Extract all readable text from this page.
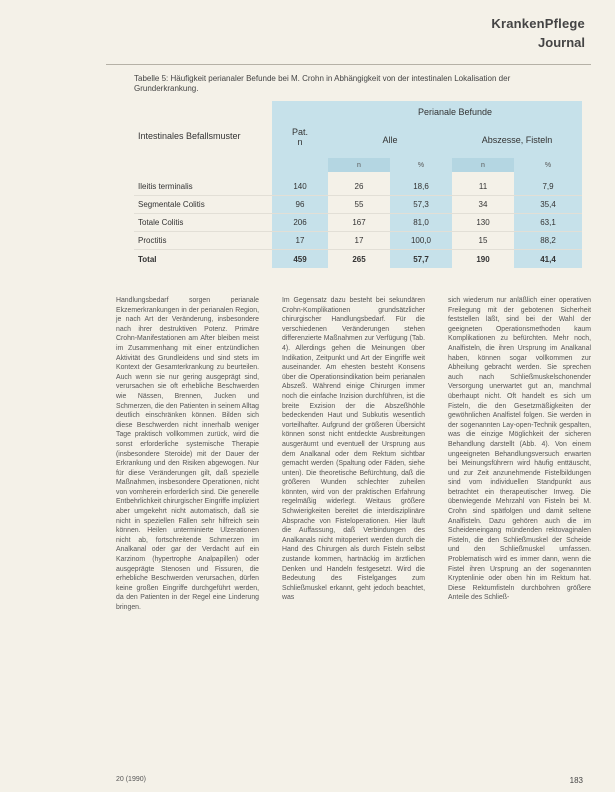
KrankenPflege
Journal
Tabelle 5: Häufigkeit perianaler Befunde bei M. Crohn in Abhängigkeit von der intestinalen Lokalisation der Grunderkrankung.
Intestinales Befallsmuster	Pat.
n	Perianale Befunde			
		Alle		Abszesse, Fisteln	
		n	%	n	%

Ileitis terminalis	140	26	18,6	11	7,9
Segmentale Colitis	96	55	57,3	34	35,4
Totale Colitis	206	167	81,0	130	63,1
Proctitis	17	17	100,0	15	88,2
Total	459	265	57,7	190	41,4
Handlungsbedarf sorgen perianale Ekzemerkrankungen in der perianalen Region, je nach Art der Veränderung, insbesondere nach ihrer destruktiven Potenz. Primäre Crohn-Manifestationen am After bleiben meist im Zusammenhang mit einer entzündlichen Aktivität des Grundleidens und sind stets im Kontext der Gesamterkrankung zu beurteilen. Auch wenn sie nur gering ausgeprägt sind, verursachen sie oft erhebliche Beschwerden wie Nässen, Brennen, Jucken und Schmerzen, die den Patienten in seinem Alltag deutlich einschränken können. Bilden sich diese Beschwerden nicht innerhalb weniger Tage praktisch vollkommen zurück, wird die sonst erforderliche systemische Therapie (insbesondere Steroide) mit der Dauer der Erkrankung und den Risiken abgewogen. Nur für diese Veränderungen gilt, daß spezielle Maßnahmen, insbesondere Operationen, nicht von vornherein erforderlich sind. Die generelle Entbehrlichkeit chirurgischer Eingriffe impliziert aber umgekehrt nicht automatisch, daß sie nicht in speziellen Fällen sehr hilfreich sein können. Heilen unterminierte Ulzerationen nicht ab, fortschreitende Schmerzen im Analkanal oder gar der Verdacht auf ein Karzinom (hypertrophe Analpapillen) oder ausgeprägte Stenosen und Fissuren, die erhebliche Beschwerden verursachen, dürfen keine großen Eingriffe durchgeführt werden, da den Patienten in der Regel eine Linderung bringen.
Im Gegensatz dazu besteht bei sekundären Crohn-Komplikationen grundsätzlicher chirurgischer Handlungsbedarf. Für die verschiedenen Veränderungen stehen differenzierte Maßnahmen zur Verfügung (Tab. 4). Allerdings gehen die Meinungen über Indikation, Zeitpunkt und Art der Eingriffe weit auseinander. Am ehesten besteht Konsens über die Operationsindikation beim perianalen Abszeß. Während einige Chirurgen immer noch die einfache Inzision durchführen, ist die breite Exzision der die Abszeßhöhle bedeckenden Haut und Subkutis wesentlich vorteilhafter. Aufgrund der größeren Übersicht können sonst nicht entdeckte Ausbreitungen ausgeräumt und eventuell der Ursprung aus dem Analkanal oder dem Rektum sichtbar gemacht werden (Spaltung oder Fäden, siehe unten). Die theoretische Befürchtung, daß die größeren Wunden schlechter zuheilen könnten, wird von der praktischen Erfahrung regelmäßig widerlegt. Weitaus größere Schwierigkeiten bereitet die interdisziplinäre Absprache von Fisteloperationen. Hier läuft die Auffassung, daß Verbindungen des Analkanals nicht mitoperiert werden durch die Hand des Chirurgen als durch Fisteln selbst zustande kommen, hartnäckig im ärztlichen Denken und Handeln festgesetzt. Wird die Bedeutung des Fistelganges zum Schließmuskel erkannt, geht jedoch beachtet, was
sich wiederum nur anläßlich einer operativen Freilegung mit der gebotenen Sicherheit feststellen läßt, sind bei der Wahl der geeigneten Operationsmethoden kaum Komplikationen zu befürchten. Mehr noch, Analfisteln, die ihren Ursprung im Analkanal haben, können sogar vollkommen zur Abheilung gebracht werden. Sie sprechen auch nach Schließmuskelschonender Versorgung unerwartet gut an, manchmal überhaupt nicht. Oft handelt es sich um Fisteln, die den Gesetzmäßigkeiten der gewöhnlichen Analfistel folgen. Sie werden in der sogenannten Lay-open-Technik gespalten, was die einzige Möglichkeit der sicheren Behandlung darstellt (Abb. 4). Von einem ungeeigneten Behandlungsversuch erwarten bei Meinungsführern wird häufig enttäuscht, und zur Zeit anzunehmende Fistelbildungen sind vom individuellen Standpunkt aus betrachtet ein therapeutischer Irrweg. Die überwiegende Mehrzahl von Fisteln bei M. Crohn sind spätfolgen und damit seltene Analfisteln. Dazu gehören auch die im Scheideneingang mündenden rektovaginalen Fisteln, die den Schließmuskel der Scheide und den Schließmuskel umfassen. Problematisch wird es immer dann, wenn die Fistel ihren Ursprung an der sogenannten Kryptenlinie oder oben hin im Rektum hat. Diese Rektumfisteln durchbohren größere Anteile des Schließ-
20 (1990)	183
